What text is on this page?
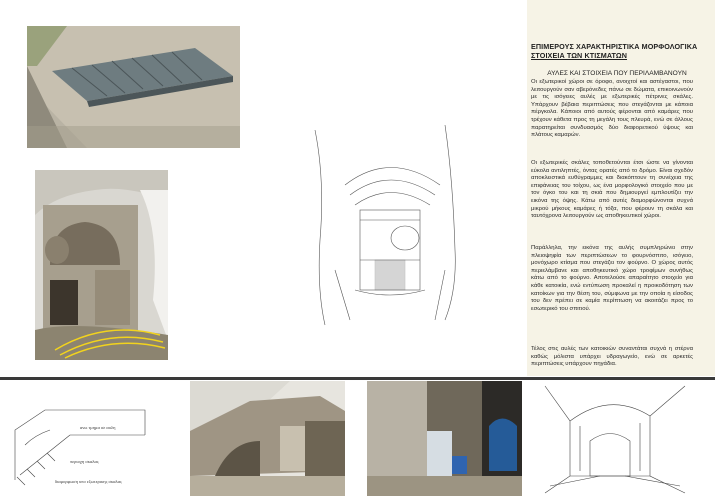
ΕΠΙΜΕΡΟΥΣ ΧΑΡΑΚΤΗΡΙΣΤΙΚΑ ΜΟΡΦΟΛΟΓΙΚΑ
ΣΤΟΙΧΕΙΑ ΤΩΝ ΚΤΙΣΜΑΤΩΝ
ΑΥΛΕΣ ΚΑΙ ΣΤΟΙΧΕΙΑ ΠΟΥ ΠΕΡΙΛΑΜΒΑΝΟΥΝ
Οι εξωτερικοί χώροι σε όροφο, ανοιχτοί και αστέγαστοι, που λειτουργούν σαν αβερόνεδες πάνω σε δώματα, επικοινωνούν με τις ισόγειες αυλές με εξωτερικές πέτρινες σκάλες. Υπάρχουν βέβαια περιπτώσεις που στεγάζονται με κάποια πέργκολα. Κάποιοι από αυτούς φέρονται από καμάρες που τρέχουν κάθετα προς τη μεγάλη τους πλευρά, ενώ σε άλλους παρατηρείται συνδυασμός δύο διαφορετικού ύψους και πλάτους καμαρών.
Οι εξωτερικές σκάλες τοποθετούνται έτσι ώστε να γίνονται εύκολα αντιληπτές, όντας ορατές από το δρόμο. Είναι σχεδόν αποκλειστικά ευθύγραμμες και διακόπτουν τη συνέχεια της επιφάνειας του τοίχου, ως ένα μορφολογικό στοιχείο που με τον όγκο του και τη σκιά που δημιουργεί εμπλουτίζει την εικόνα της όψης. Κάτω από αυτές διαμορφώνονται συχνά μικρού μήκους καμάρες ή τόξα, που φέρουν τη σκάλα και ταυτόχρονα λειτουργούν ως αποθηκευτικοί χώροι.
Παράλληλα, την εικόνα της αυλής συμπληρώνει στην πλειοψηφία των περιπτώσεων το φουρνόσπιτο, ισόγειο, μονόχωρο κτίσμα που στεγάζει τον φούρνο. Ο χώρος αυτός περιελάμβανε και αποθηκευτικό χώρο τροφίμων συνήθως κάτω από το φούρνο. Αποτελούσε απαραίτητο στοιχείο για κάθε κατοικία, ενώ εντύπωση προκαλεί η προικοδότηση των κατοίκων για την θέση του, σύμφωνα με την οποία η είσοδος του δεν πρέπει σε καμία περίπτωση να ακοιτάζει προς το εσωτερικό του σπιτιού.
Τέλος στις αυλές των κατοικιών συναντάται συχνά η στέρνα καθώς μόλιστα υπάρχει υδραγωγείο, ενώ σε αρκετές περιπτώσεις υπάρχουν πηγάδια.
ανω τμημα σε αυλη
περιοχη σκαλας
διαμορφωση υπο εξωτερικης σκαλας
